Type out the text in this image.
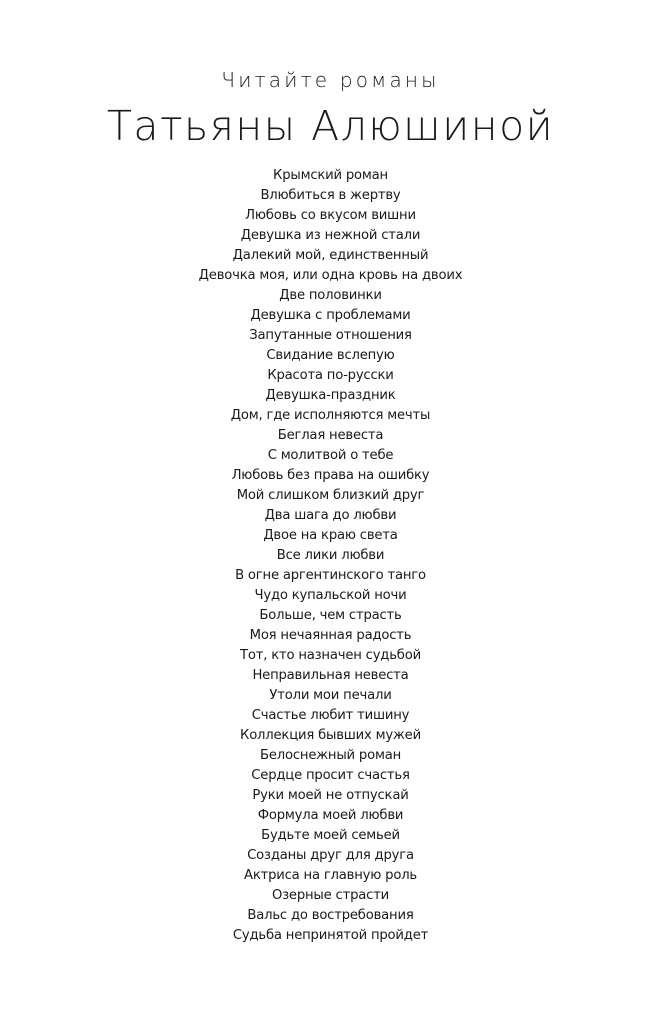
Читайте романы
Татьяны Алюшиной
Крымский роман
Влюбиться в жертву
Любовь со вкусом вишни
Девушка из нежной стали
Далекий мой, единственный
Девочка моя, или одна кровь на двоих
Две половинки
Девушка с проблемами
Запутанные отношения
Свидание вслепую
Красота по-русски
Девушка-праздник
Дом, где исполняются мечты
Беглая невеста
С молитвой о тебе
Любовь без права на ошибку
Мой слишком близкий друг
Два шага до любви
Двое на краю света
Все лики любви
В огне аргентинского танго
Чудо купальской ночи
Больше, чем страсть
Моя нечаянная радость
Тот, кто назначен судьбой
Неправильная невеста
Утоли мои печали
Счастье любит тишину
Коллекция бывших мужей
Белоснежный роман
Сердце просит счастья
Руки моей не отпускай
Формула моей любви
Будьте моей семьей
Созданы друг для друга
Актриса на главную роль
Озерные страсти
Вальс до востребования
Судьба непринятой пройдет
